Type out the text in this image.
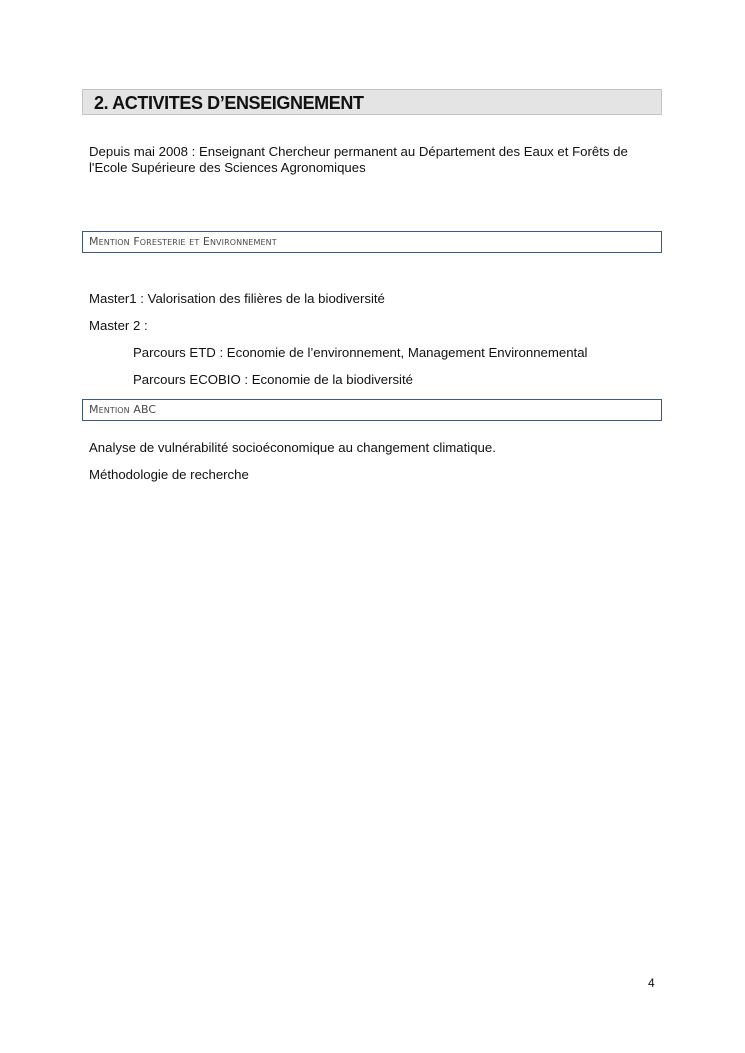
2. ACTIVITES D’ENSEIGNEMENT
Depuis mai 2008 : Enseignant Chercheur permanent au Département des Eaux et Forêts de l'Ecole Supérieure des Sciences Agronomiques
Mention Foresterie et Environnement
Master1 : Valorisation des filières de la biodiversité
Master 2 :
Parcours ETD : Economie de l’environnement, Management Environnemental
Parcours ECOBIO : Economie de la biodiversité
Mention ABC
Analyse de vulnérabilité socioéconomique au changement climatique.
Méthodologie de recherche
4
